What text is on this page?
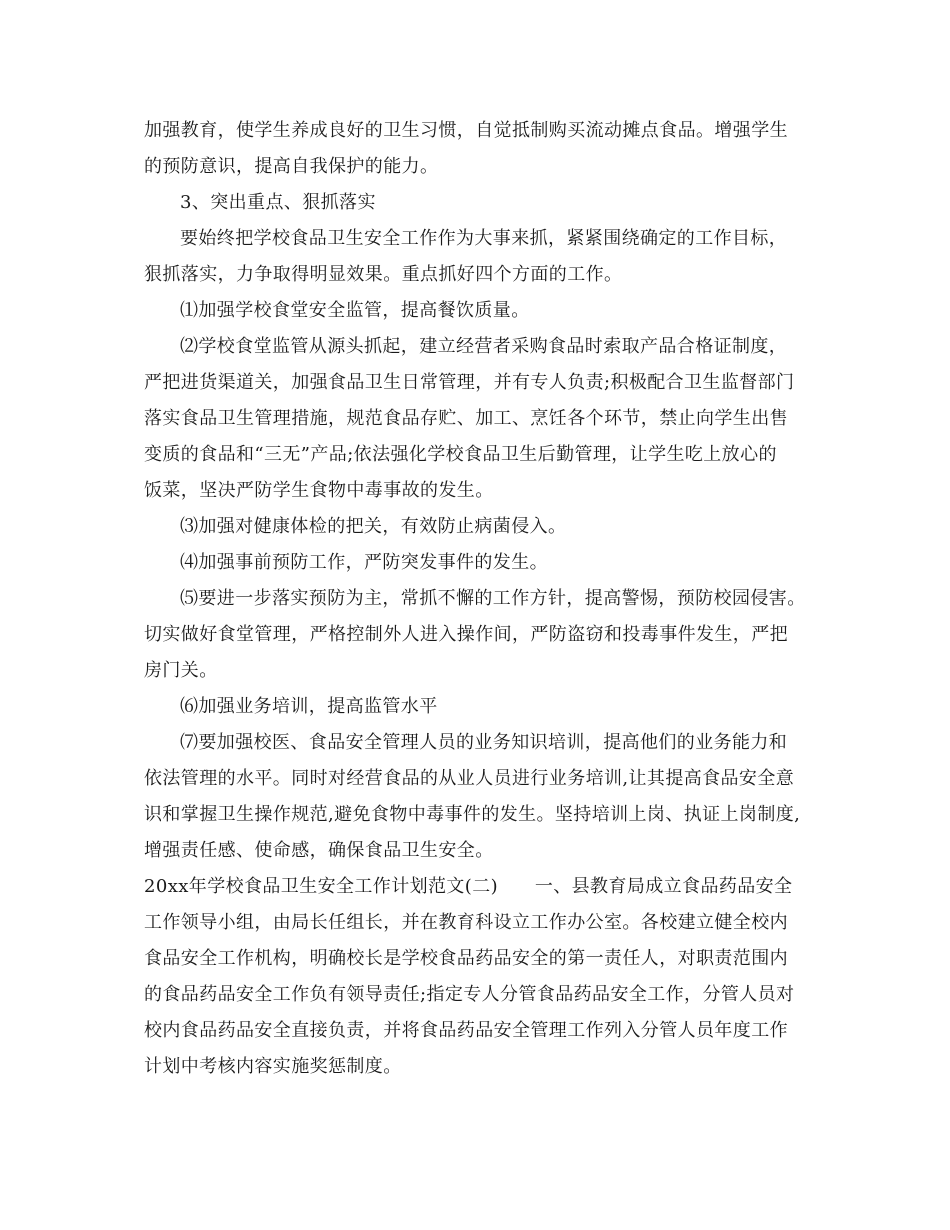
加强教育，使学生养成良好的卫生习惯，自觉抵制购买流动摊点食品。增强学生
的预防意识，提高自我保护的能力。
3、突出重点、狠抓落实
要始终把学校食品卫生安全工作作为大事来抓，紧紧围绕确定的工作目标，
狠抓落实，力争取得明显效果。重点抓好四个方面的工作。
⑴加强学校食堂安全监管，提高餐饮质量。
⑵学校食堂监管从源头抓起，建立经营者采购食品时索取产品合格证制度，
严把进货渠道关，加强食品卫生日常管理，并有专人负责;积极配合卫生监督部门
落实食品卫生管理措施，规范食品存贮、加工、烹饪各个环节，禁止向学生出售
变质的食品和“三无”产品;依法强化学校食品卫生后勤管理，让学生吃上放心的
饭菜，坚决严防学生食物中毒事故的发生。
⑶加强对健康体检的把关，有效防止病菌侵入。
⑷加强事前预防工作，严防突发事件的发生。
⑸要进一步落实预防为主，常抓不懈的工作方针，提高警惕，预防校园侵害。
切实做好食堂管理，严格控制外人进入操作间，严防盗窃和投毒事件发生，严把
房门关。
⑹加强业务培训，提高监管水平
⑺要加强校医、食品安全管理人员的业务知识培训，提高他们的业务能力和
依法管理的水平。同时对经营食品的从业人员进行业务培训,让其提高食品安全意
识和掌握卫生操作规范,避免食物中毒事件的发生。坚持培训上岗、执证上岗制度,
增强责任感、使命感，确保食品卫生安全。
20xx年学校食品卫生安全工作计划范文(二)　　一、县教育局成立食品药品安全
工作领导小组，由局长任组长，并在教育科设立工作办公室。各校建立健全校内
食品安全工作机构，明确校长是学校食品药品安全的第一责任人，对职责范围内
的食品药品安全工作负有领导责任;指定专人分管食品药品安全工作，分管人员对
校内食品药品安全直接负责，并将食品药品安全管理工作列入分管人员年度工作
计划中考核内容实施奖惩制度。
